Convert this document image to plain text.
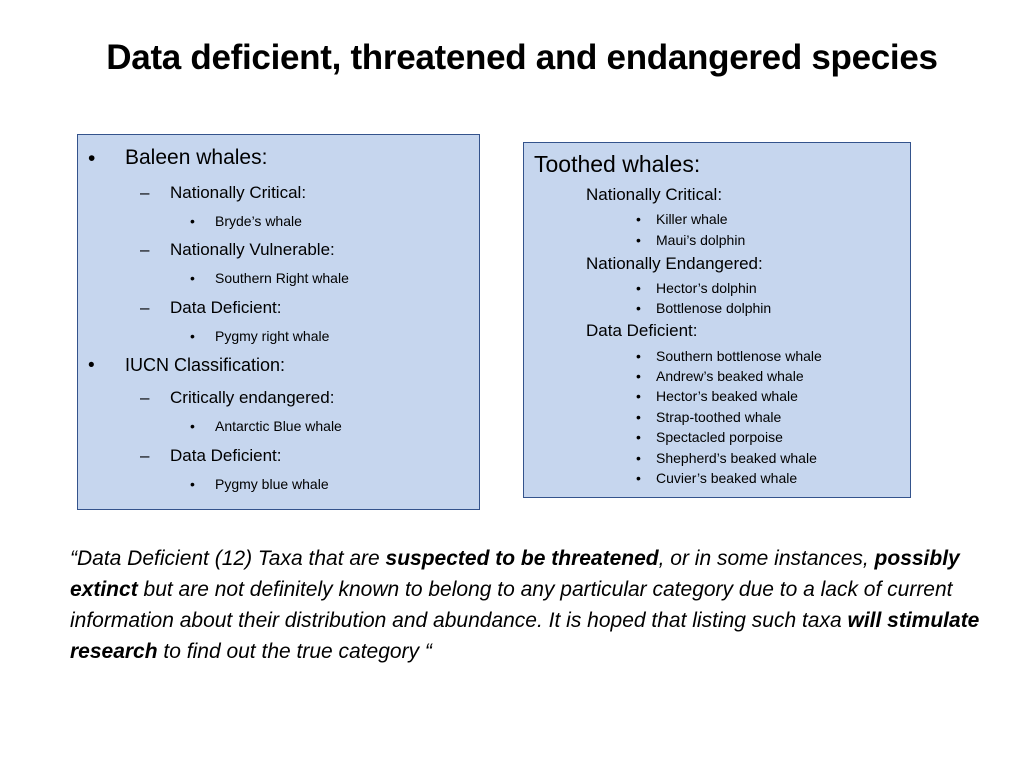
Data deficient, threatened and endangered species
• Baleen whales:
– Nationally Critical:
• Bryde’s whale
– Nationally Vulnerable:
• Southern Right whale
– Data Deficient:
• Pygmy right whale
• IUCN Classification:
– Critically endangered:
• Antarctic Blue whale
– Data Deficient:
• Pygmy blue whale
Toothed whales:
Nationally Critical:
• Killer whale
• Maui’s dolphin
Nationally Endangered:
• Hector’s dolphin
• Bottlenose dolphin
Data Deficient:
• Southern bottlenose whale
• Andrew’s beaked whale
• Hector’s beaked whale
• Strap-toothed whale
• Spectacled porpoise
• Shepherd’s beaked whale
• Cuvier’s beaked whale
“Data Deficient (12) Taxa that are suspected to be threatened, or in some instances, possibly extinct but are not definitely known to belong to any particular category due to a lack of current information about their distribution and abundance. It is hoped that listing such taxa will stimulate research to find out the true category “
